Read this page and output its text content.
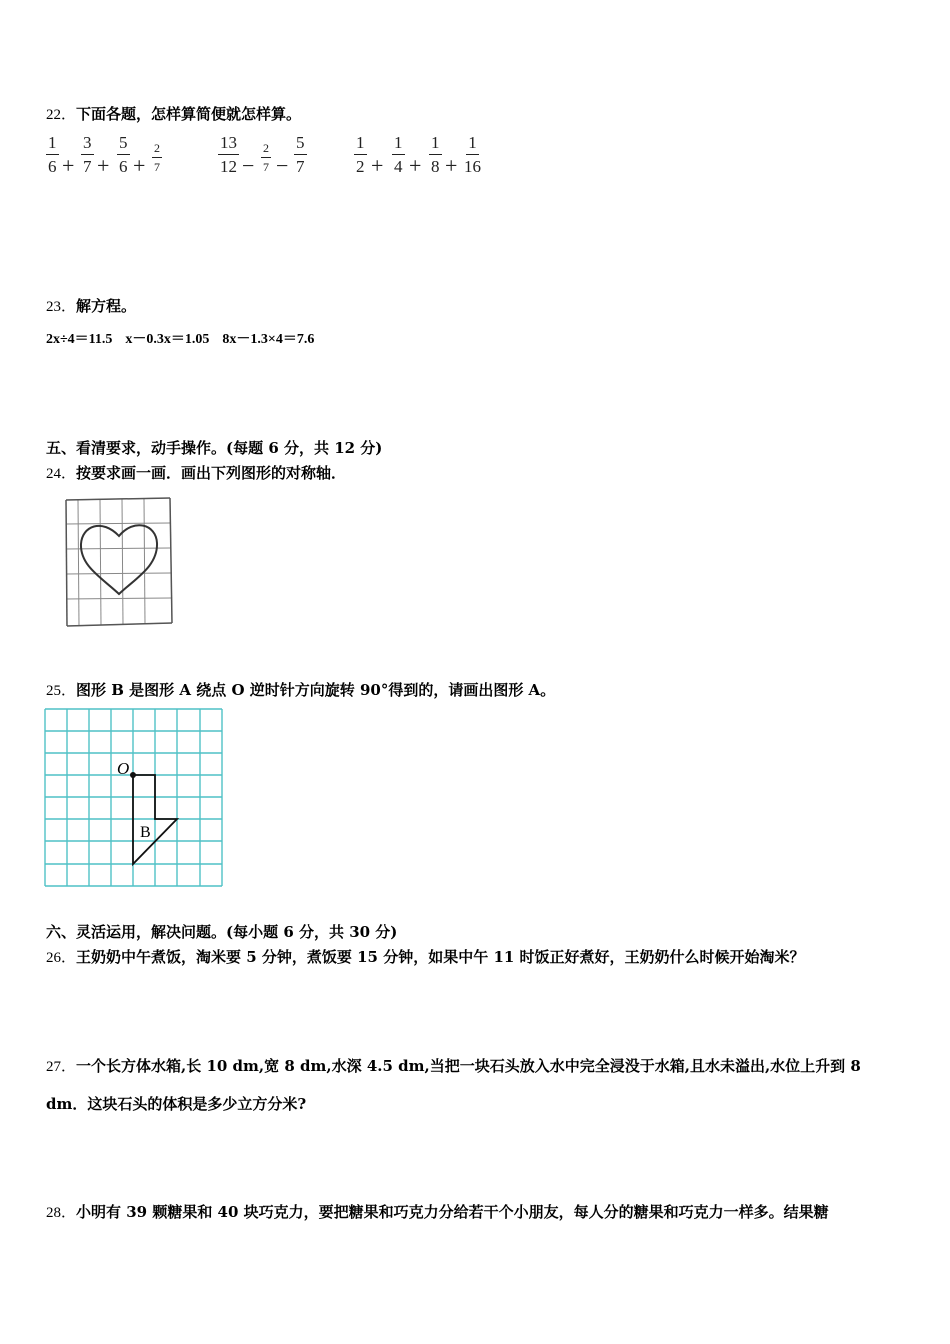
22．下面各题，怎样算简便就怎样算。
$\frac{1}{6} + \frac{3}{7} + \frac{5}{6} + \frac{2}{7}$	$\frac{13}{12} - \frac{2}{7} - \frac{5}{7}$	$\frac{1}{2} + \frac{1}{4} + \frac{1}{8} + \frac{1}{16}$
23．解方程。
2x÷4＝11.5 x－0.3x＝1.05 8x－1.3×4＝7.6
五、看清要求，动手操作。(每题 6 分，共 12 分)
24．按要求画一画．画出下列图形的对称轴．
25．图形 B 是图形 A 绕点 O 逆时针方向旋转 90°得到的，请画出图形 A。
O
B
六、灵活运用，解决问题。(每小题 6 分，共 30 分)
26．王奶奶中午煮饭，淘米要 5 分钟，煮饭要 15 分钟，如果中午 11 时饭正好煮好，王奶奶什么时候开始淘米？
27．一个长方体水箱,长 10 dm,宽 8 dm,水深 4.5 dm,当把一块石头放入水中完全浸没于水箱,且水未溢出,水位上升到 8
dm．这块石头的体积是多少立方分米?
28．小明有 39 颗糖果和 40 块巧克力，要把糖果和巧克力分给若干个小朋友，每人分的糖果和巧克力一样多。结果糖
